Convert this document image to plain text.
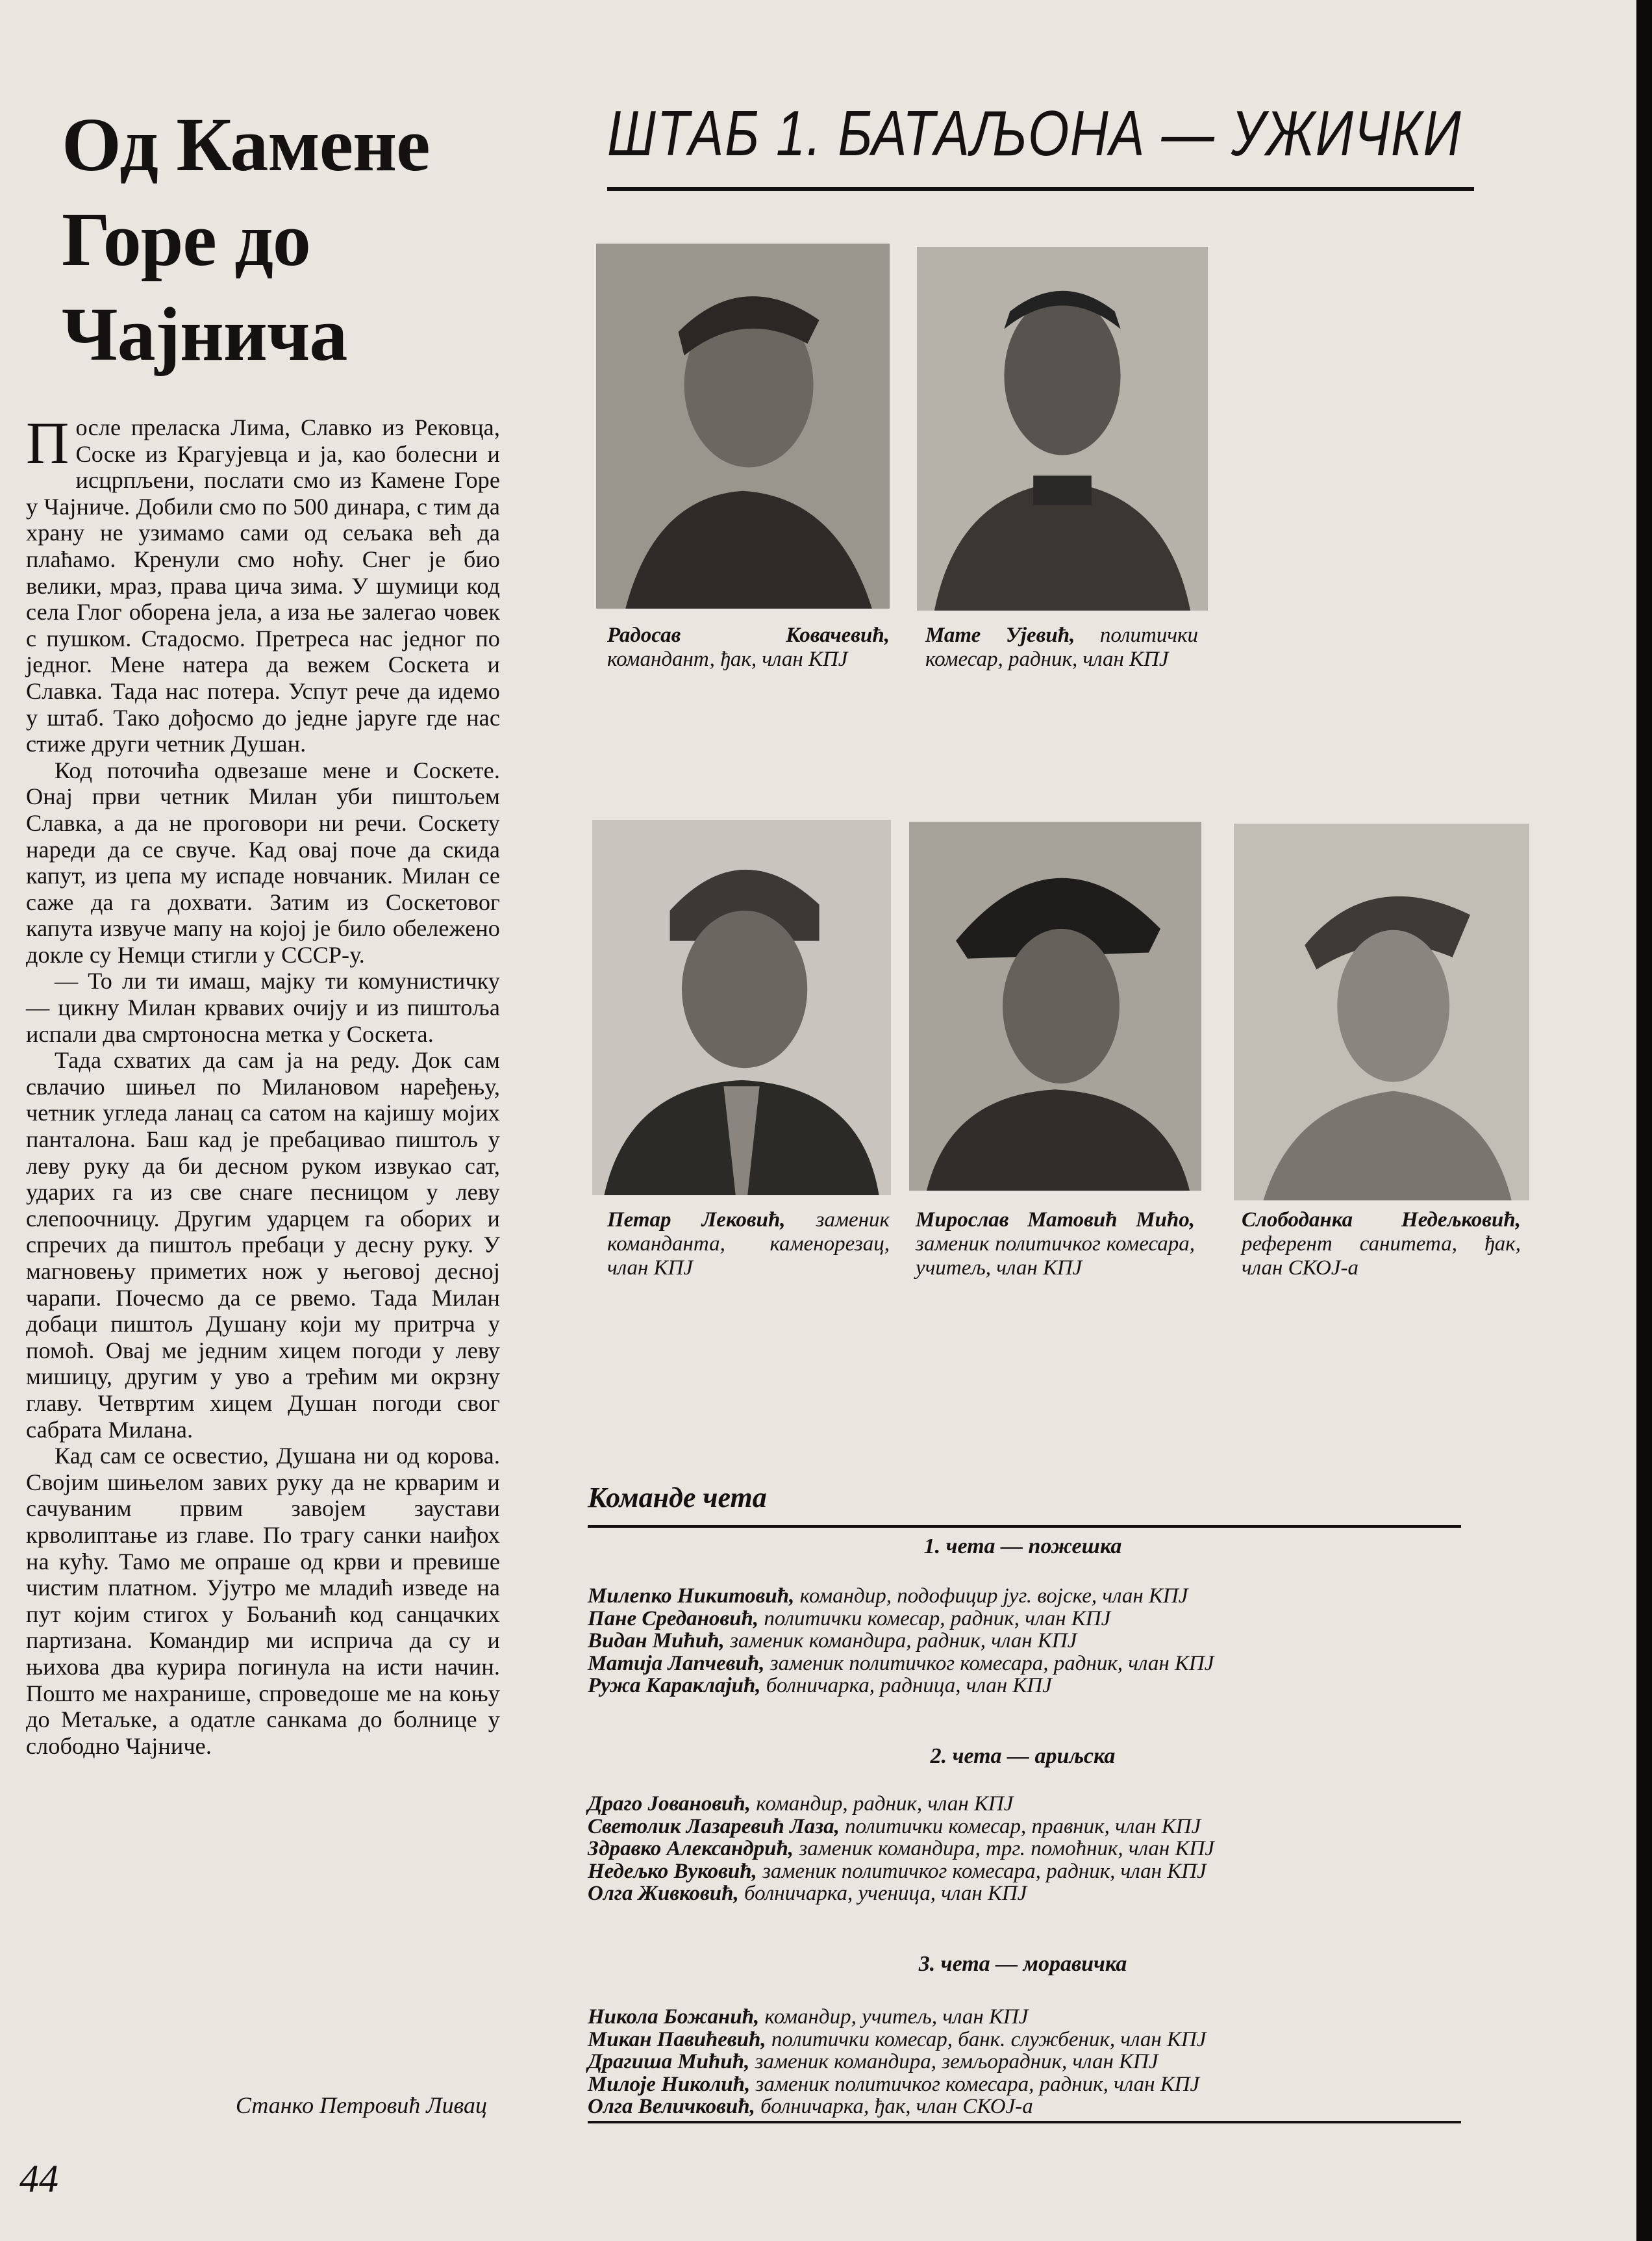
Од Камене
Горе до
Чајнича

После преласка Лима, Славко из Рековца, Соске из Крагујевца и ја, као болесни и исцрпљени, послати смо из Камене Горе у Чајниче. Добили смо по 500 динара, с тим да храну не узимамо сами од сељака већ да плаћамо. Кренули смо ноћу. Снег је био велики, мраз, права цича зима. У шумици код села Глог оборена јела, а иза ње залегао човек с пушком. Стадосмо. Претреса нас једног по једног. Мене натера да вежем Соскета и Славка. Тада нас потера. Успут рече да идемо у штаб. Тако дођосмо до једне јаруге где нас стиже други четник Душан.

Код поточића одвезаше мене и Соскете. Онај први четник Милан уби пиштољем Славка, а да не проговори ни речи. Соскету нареди да се свуче. Кад овај поче да скида капут, из џепа му испаде новчаник. Милан се саже да га дохвати. Затим из Соскетовог капута извуче мапу на којој је било обележено докле су Немци стигли у СССР-у.

— То ли ти имаш, мајку ти комунистичку — цикну Милан крвавих очију и из пиштоља испали два смртоносна метка у Соскета.

Тада схватих да сам ја на реду. Док сам свлачио шињел по Милановом наређењу, четник угледа ланац са сатом на кајишу мојих панталона. Баш кад је пребацивао пиштољ у леву руку да би десном руком извукао сат, ударих га из све снаге песницом у леву слепоочницу. Другим ударцем га оборих и спречих да пиштољ пребаци у десну руку. У магновењу приметих нож у његовој десној чарапи. Почесмо да се рвемо. Тада Милан добаци пиштољ Душану који му притрча у помоћ. Овај ме једним хицем погоди у леву мишицу, другим у уво а трећим ми окрзну главу. Четвртим хицем Душан погоди свог сабрата Милана.

Кад сам се освестио, Душана ни од корова. Својим шињелом завих руку да не крварим и сачуваним првим завојем заустави крволиптање из главе. По трагу санки наиђох на кућу. Тамо ме опраше од крви и превише чистим платном. Ујутро ме младић изведе на пут којим стигох у Бољанић код санцачких партизана. Командир ми исприча да су и њихова два курира погинула на исти начин. Пошто ме нахранише, спроведоше ме на коњу до Метаљке, а одатле санкама до болнице у слободно Чајниче.

Станко Петровић Ливац
44
ШТАБ 1. БАТАЉОНА — УЖИЧКИ
Радосав Ковачевић, командант, ђак, члан КПЈ
Мате Ујевић, политички комесар, радник, члан КПЈ
Петар Лековић, заменик команданта, каменорезац, члан КПЈ
Мирослав Матовић Мићо, заменик политичког комесара, учитељ, члан КПЈ
Слободанка Недељковић, референт санитета, ђак, члан СКОЈ-а
Команде чета
1. чета — пожешка
Милепко Никитовић, командир, подофицир југ. војске, члан КПЈ
Пане Средановић, политички комесар, радник, члан КПЈ
Видан Мићић, заменик командира, радник, члан КПЈ
Матија Лапчевић, заменик политичког комесара, радник, члан КПЈ
Ружа Караклајић, болничарка, радница, члан КПЈ
2. чета — ариљска
Драго Јовановић, командир, радник, члан КПЈ
Светолик Лазаревић Лаза, политички комесар, правник, члан КПЈ
Здравко Александрић, заменик командира, трг. помоћник, члан КПЈ
Недељко Вуковић, заменик политичког комесара, радник, члан КПЈ
Олга Живковић, болничарка, ученица, члан КПЈ
3. чета — моравичка
Никола Божанић, командир, учитељ, члан КПЈ
Микан Павићевић, политички комесар, банк. службеник, члан КПЈ
Драгиша Мићић, заменик командира, земљорадник, члан КПЈ
Милоје Николић, заменик политичког комесара, радник, члан КПЈ
Олга Величковић, болничарка, ђак, члан СКОЈ-а
